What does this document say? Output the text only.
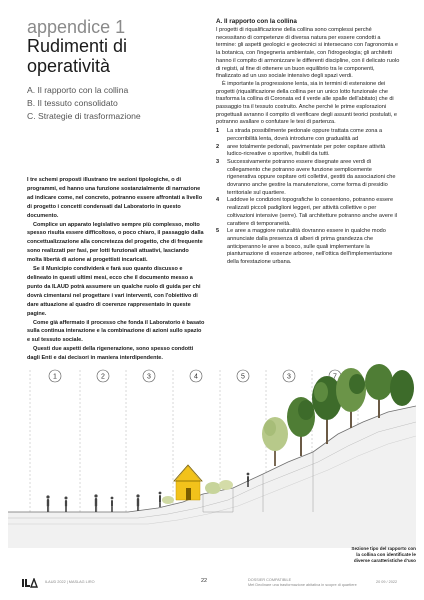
appendice 1
Rudimenti di
operatività
A. Il rapporto con la collina
B. Il tessuto consolidato
C. Strategie di trasformazione

I tre schemi proposti illustrano tre sezioni tipologiche, o di programmi, ed hanno una funzione sostanzialmente di narrazione ad indicare come, nel concreto, potranno essere affrontati a livello di progetto i concetti condensati dal Laboratorio in questo documento.

Complice un apparato legislativo sempre più complesso, molto spesso risulta essere difficoltoso, o poco chiaro, il passaggio dalla concettualizzazione alla concretezza del progetto, che di frequente sono realizzati per fasi, per lotti funzionali attuativi, lasciando molta libertà di azione ai progettisti incaricati.

Se il Municipio condividerà e farà suo quanto discusso e delineato in questi ultimi mesi, ecco che il documento messo a punto da ILAUD potrà assumere un qualche ruolo di guida per chi dovrà cimentarsi nel progettare i vari interventi, con l'obiettivo di dare attuazione al quadro di coerenze rappresentato in queste pagine.

Come già affermato il processo che fonda il Laboratorio è basato sulla continua interazione e la combinazione di azioni sullo spazio e sul tessuto sociale.

Questi due aspetti della rigenerazione, sono spesso condotti dagli Enti e dai decisori in maniera interdipendente.

A. Il rapporto con la collina

I progetti di riqualificazione della collina sono complessi perché necessitano di competenze di diversa natura per essere condotti a termine: gli aspetti geologici e geotecnici si intersecano con l'agronomia e la botanica, con l'ingegneria ambientale, con l'idrogeologia; gli architetti hanno il compito di armonizzare le differenti discipline, con il delicato ruolo di registi, al fine di ottenere un buon equilibrio tra le componenti, finalizzato ad un uso sociale intensivo degli spazi verdi.

È importante la progressione lenta, sia in termini di estensione dei progetti (riqualificazione della collina per un unico lotto funzionale che trasforma la collina di Coronata ed il verde alle spalle dell'abitato) che di passaggio tra il tessuto costruito. Anche perché le prime esplorazioni progettuali avranno il compito di verificare degli assunti teorici postulati, e potranno avallare o confutare le tesi di partenza.

1	La strada possibilmente pedonale oppure trattata come zona a percorribilità lenta, dovrà introdurre con gradualità ad
2	aree totalmente pedonali, pavimentate per poter ospitare attività ludico-ricreative o sportive, fruibili da tutti.
3	Successivamente potranno essere disegnate aree verdi di collegamento che potranno avere funzione semplicemente rigenerativa oppure ospitare orti collettivi, gestiti da associazioni che dovranno anche gestire la manutenzione, come forma di presidio territoriale sul quartiere.
4	Laddove le condizioni topografiche lo consentono, potranno essere realizzati piccoli padiglioni leggeri, per attività collettive o per coltivazioni intensive (serre). Tali architetture potranno anche avere il carattere di temporaneità.
5	Le aree a maggiore naturalità dovranno essere in qualche modo annunciate dalla presenza di alberi di prima grandezza che anticiperanno le aree a bosco, sulle quali implementare la piantumazione di essenze arboree, nell'ottica dell'implementazione della forestazione urbana.
1	2	3	4	5	3	7
Sezione tipo del rapporto con
la collina con identificate le
diverse caratteristiche d'uso
ILAUD 2022 | MASLAG LIRO	22	DOSSIER COMPATIBILE
Met Declinare una trasformazione abitativa in scopre di quartiere
20 09 / 2022
